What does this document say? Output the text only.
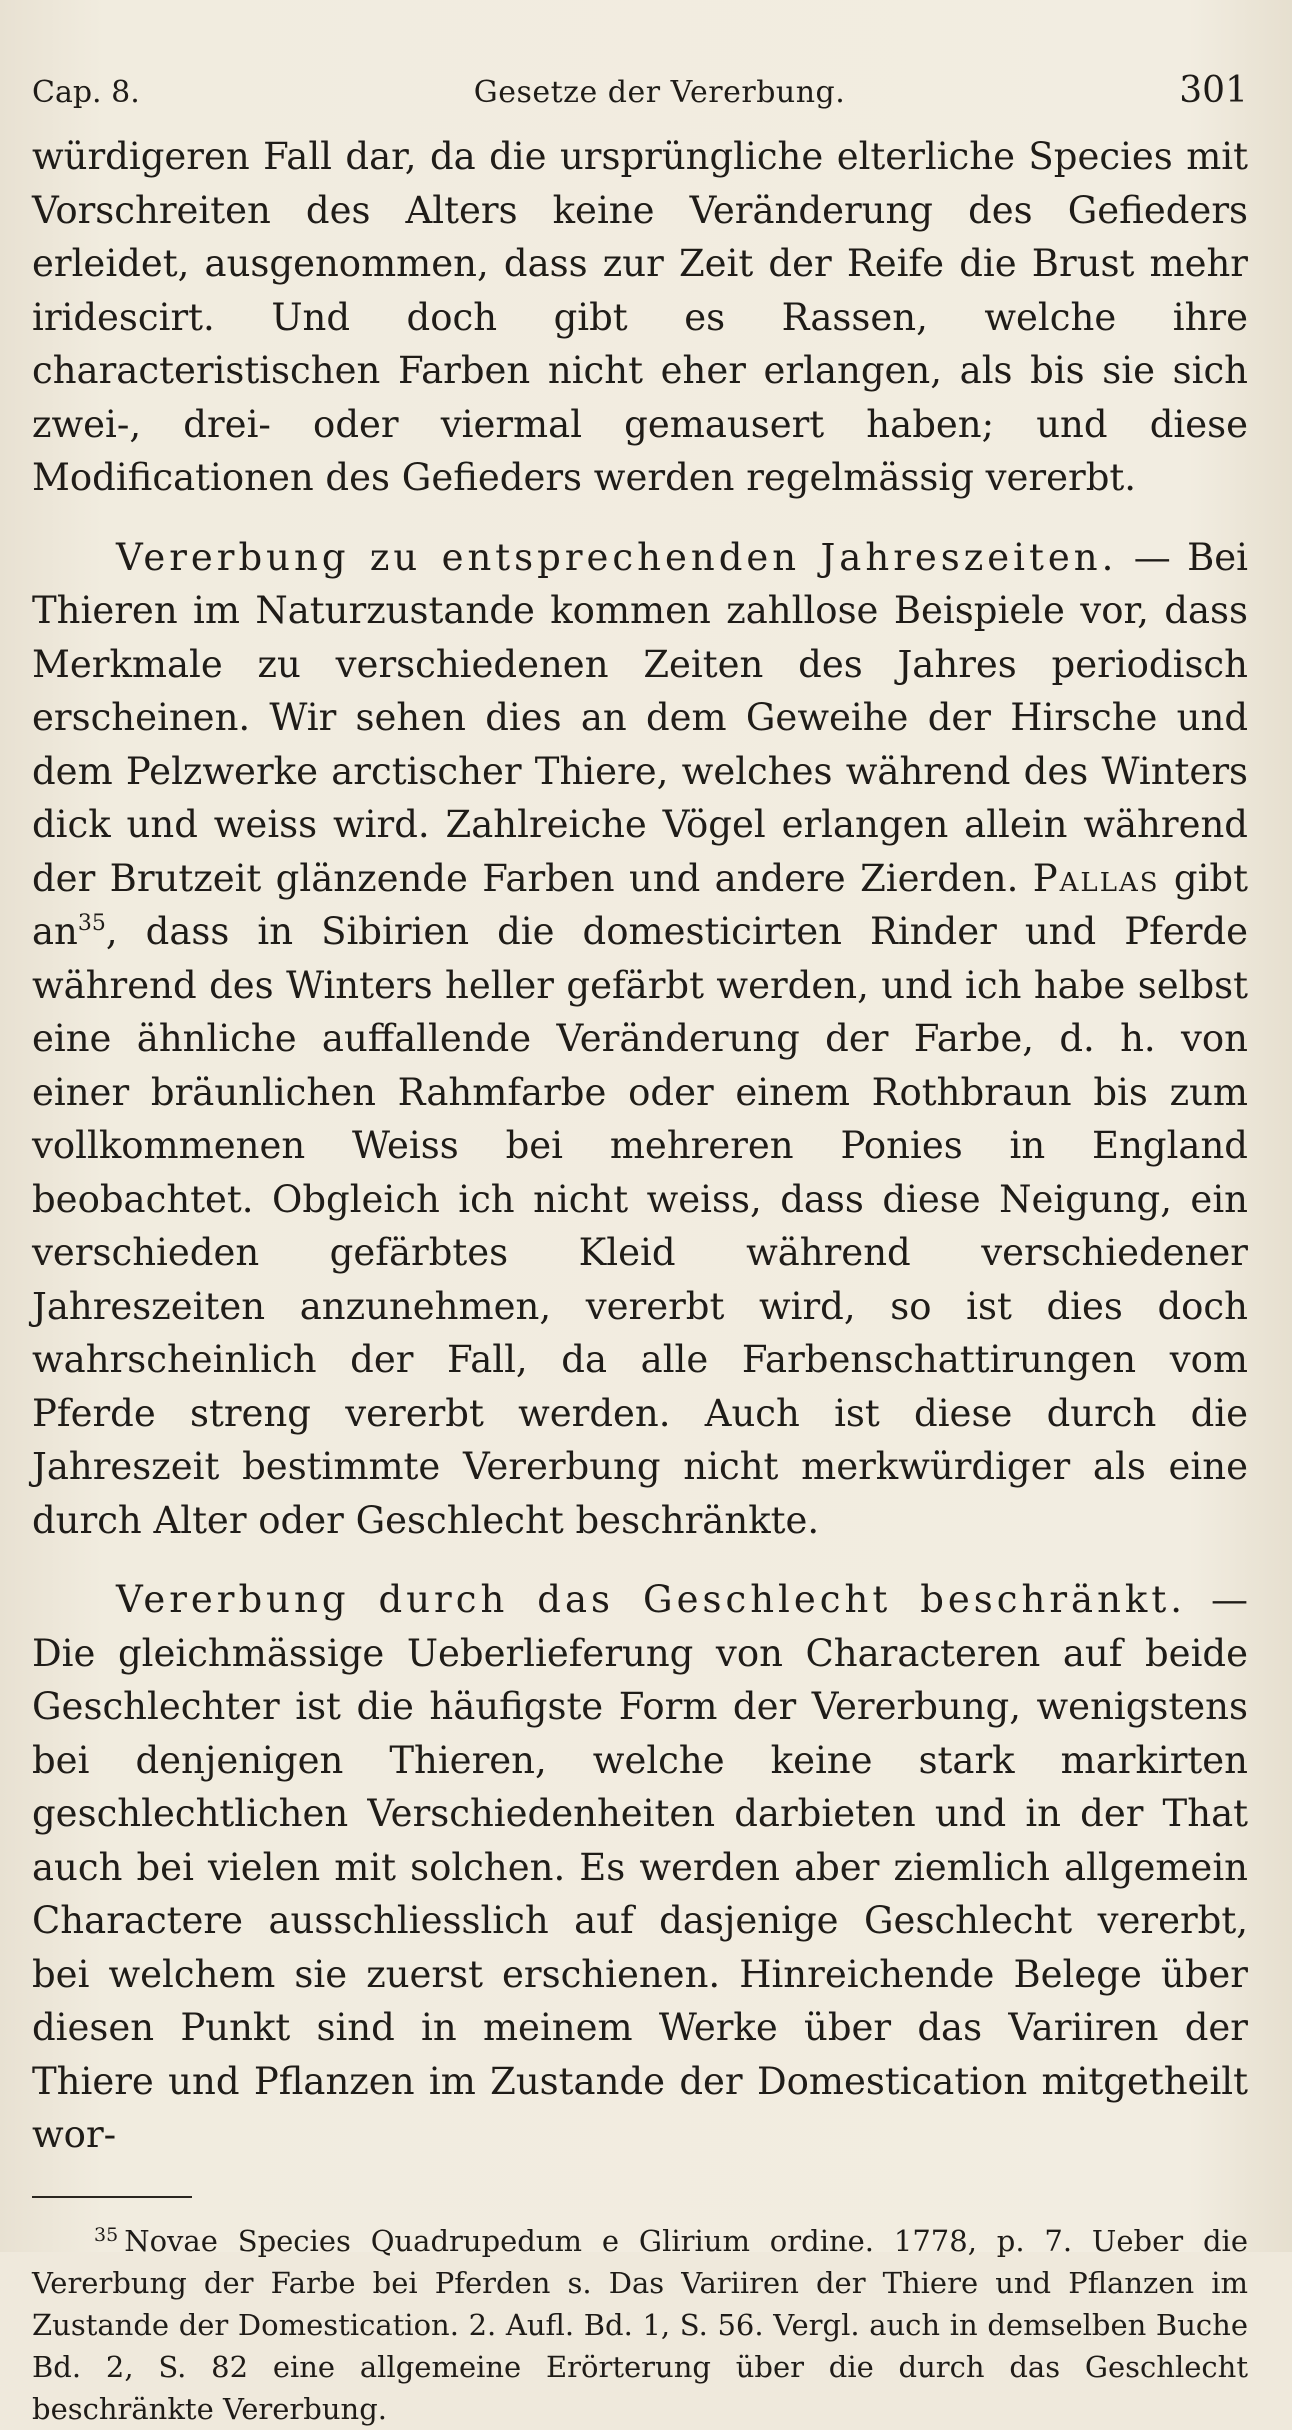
Cap. 8.	Gesetze der Vererbung.	301

würdigeren Fall dar, da die ursprüngliche elterliche Species mit Vorschreiten des Alters keine Veränderung des Gefieders erleidet, ausgenommen, dass zur Zeit der Reife die Brust mehr iridescirt. Und doch gibt es Rassen, welche ihre characteristischen Farben nicht eher erlangen, als bis sie sich zwei-, drei- oder viermal gemausert haben; und diese Modificationen des Gefieders werden regelmässig vererbt.

Vererbung zu entsprechenden Jahreszeiten. — Bei Thieren im Naturzustande kommen zahllose Beispiele vor, dass Merkmale zu verschiedenen Zeiten des Jahres periodisch erscheinen. Wir sehen dies an dem Geweihe der Hirsche und dem Pelzwerke arctischer Thiere, welches während des Winters dick und weiss wird. Zahlreiche Vögel erlangen allein während der Brutzeit glänzende Farben und andere Zierden. Pallas gibt an$^{35}$, dass in Sibirien die domesticirten Rinder und Pferde während des Winters heller gefärbt werden, und ich habe selbst eine ähnliche auffallende Veränderung der Farbe, d. h. von einer bräunlichen Rahmfarbe oder einem Rothbraun bis zum vollkommenen Weiss bei mehreren Ponies in England beobachtet. Obgleich ich nicht weiss, dass diese Neigung, ein verschieden gefärbtes Kleid während verschiedener Jahreszeiten anzunehmen, vererbt wird, so ist dies doch wahrscheinlich der Fall, da alle Farbenschattirungen vom Pferde streng vererbt werden. Auch ist diese durch die Jahreszeit bestimmte Vererbung nicht merkwürdiger als eine durch Alter oder Geschlecht beschränkte.

Vererbung durch das Geschlecht beschränkt. — Die gleichmässige Ueberlieferung von Characteren auf beide Geschlechter ist die häufigste Form der Vererbung, wenigstens bei denjenigen Thieren, welche keine stark markirten geschlechtlichen Verschiedenheiten darbieten und in der That auch bei vielen mit solchen. Es werden aber ziemlich allgemein Charactere ausschliesslich auf dasjenige Geschlecht vererbt, bei welchem sie zuerst erschienen. Hinreichende Belege über diesen Punkt sind in meinem Werke über das Variiren der Thiere und Pflanzen im Zustande der Domestication mitgetheilt wor-

$^{35}$ Novae Species Quadrupedum e Glirium ordine. 1778, p. 7. Ueber die Vererbung der Farbe bei Pferden s. Das Variiren der Thiere und Pflanzen im Zustande der Domestication. 2. Aufl. Bd. 1, S. 56. Vergl. auch in demselben Buche Bd. 2, S. 82 eine allgemeine Erörterung über die durch das Geschlecht beschränkte Vererbung.
